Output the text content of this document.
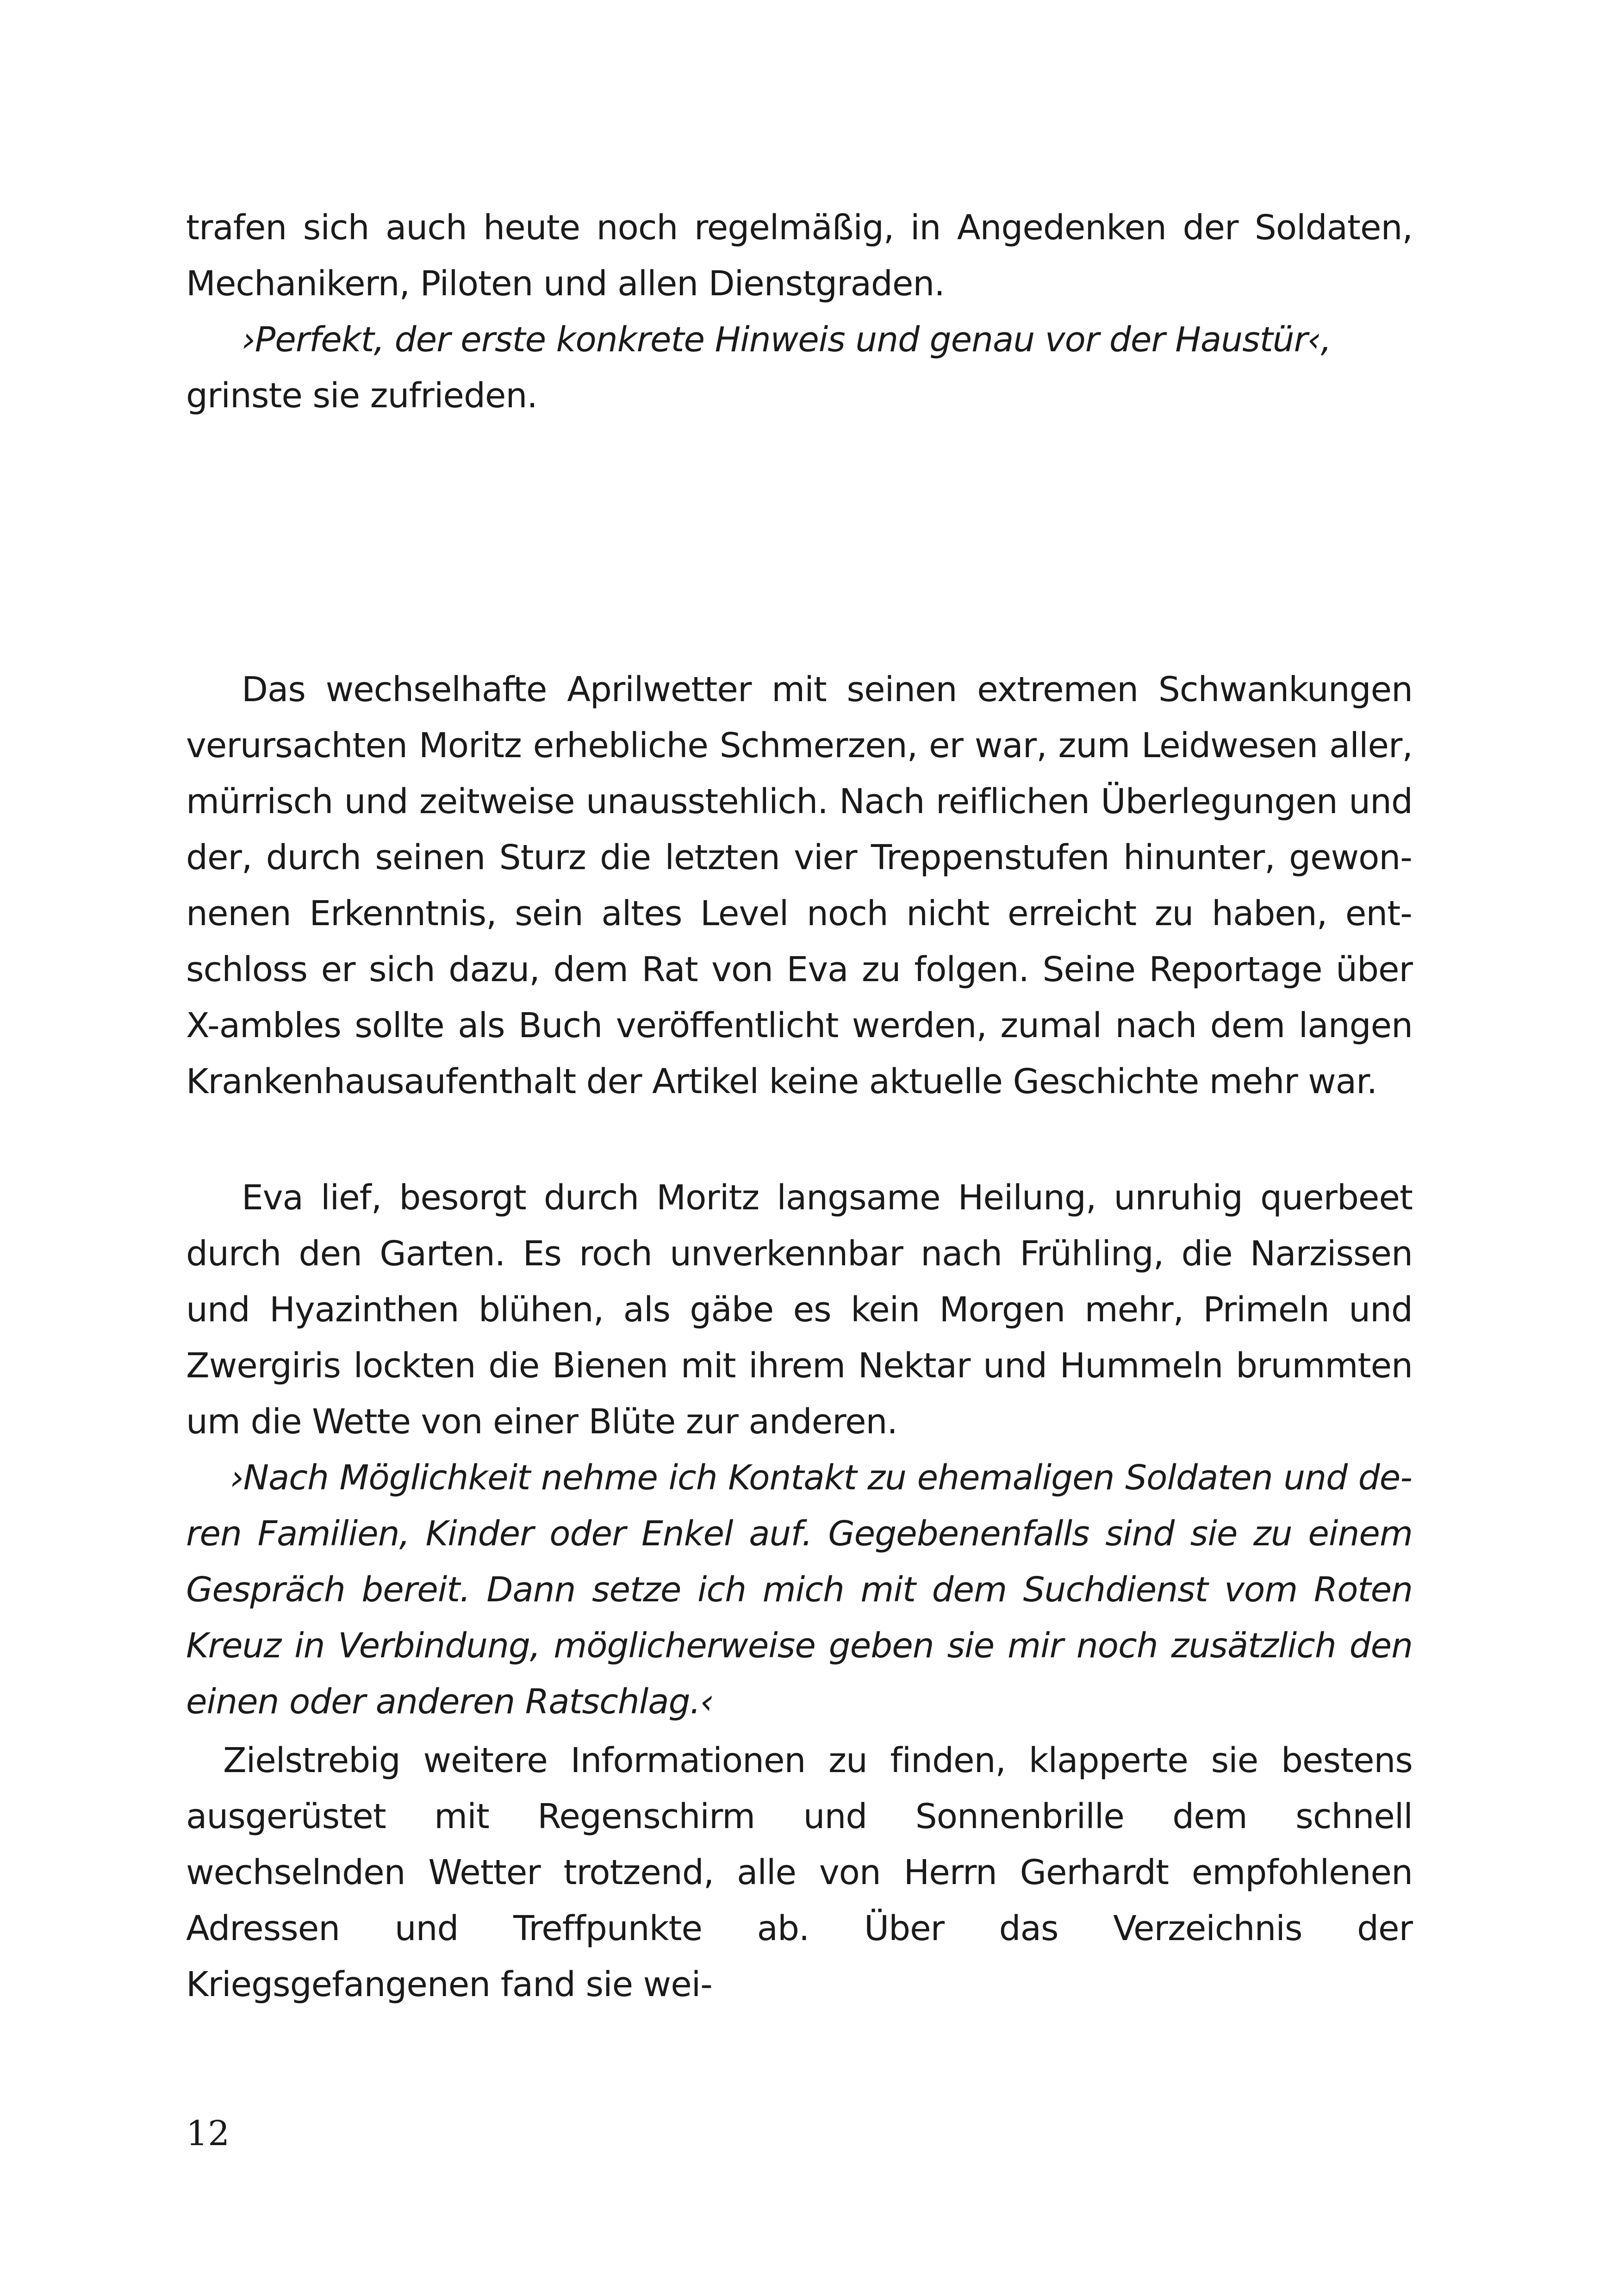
trafen sich auch heute noch regelmäßig, in Angedenken der Soldaten, Mechanikern, Piloten und allen Dienstgraden.

›Perfekt, der erste konkrete Hinweis und genau vor der Haustür‹,

grinste sie zufrieden.

Das wechselhafte Aprilwetter mit seinen extremen Schwankungen verursachten Moritz erhebliche Schmerzen, er war, zum Leidwesen aller, mürrisch und zeitweise unausstehlich. Nach reiflichen Überlegungen und der, durch seinen Sturz die letzten vier Treppenstufen hinunter, gewonnenen Erkenntnis, sein altes Level noch nicht erreicht zu haben, entschloss er sich dazu, dem Rat von Eva zu folgen. Seine Reportage über X-ambles sollte als Buch veröffentlicht werden, zumal nach dem langen Krankenhausaufenthalt der Artikel keine aktuelle Geschichte mehr war.

Eva lief, besorgt durch Moritz langsame Heilung, unruhig querbeet durch den Garten. Es roch unverkennbar nach Frühling, die Narzissen und Hyazinthen blühen, als gäbe es kein Morgen mehr, Primeln und Zwergiris lockten die Bienen mit ihrem Nektar und Hummeln brummten um die Wette von einer Blüte zur anderen.

›Nach Möglichkeit nehme ich Kontakt zu ehemaligen Soldaten und deren Familien, Kinder oder Enkel auf. Gegebenenfalls sind sie zu einem Gespräch bereit. Dann setze ich mich mit dem Suchdienst vom Roten Kreuz in Verbindung, möglicherweise geben sie mir noch zusätzlich den einen oder anderen Ratschlag.‹

Zielstrebig weitere Informationen zu finden, klapperte sie bestens ausgerüstet mit Regenschirm und Sonnenbrille dem schnell wechselnden Wetter trotzend, alle von Herrn Gerhardt empfohlenen Adressen und Treffpunkte ab. Über das Verzeichnis der Kriegsgefangenen fand sie wei-

12
